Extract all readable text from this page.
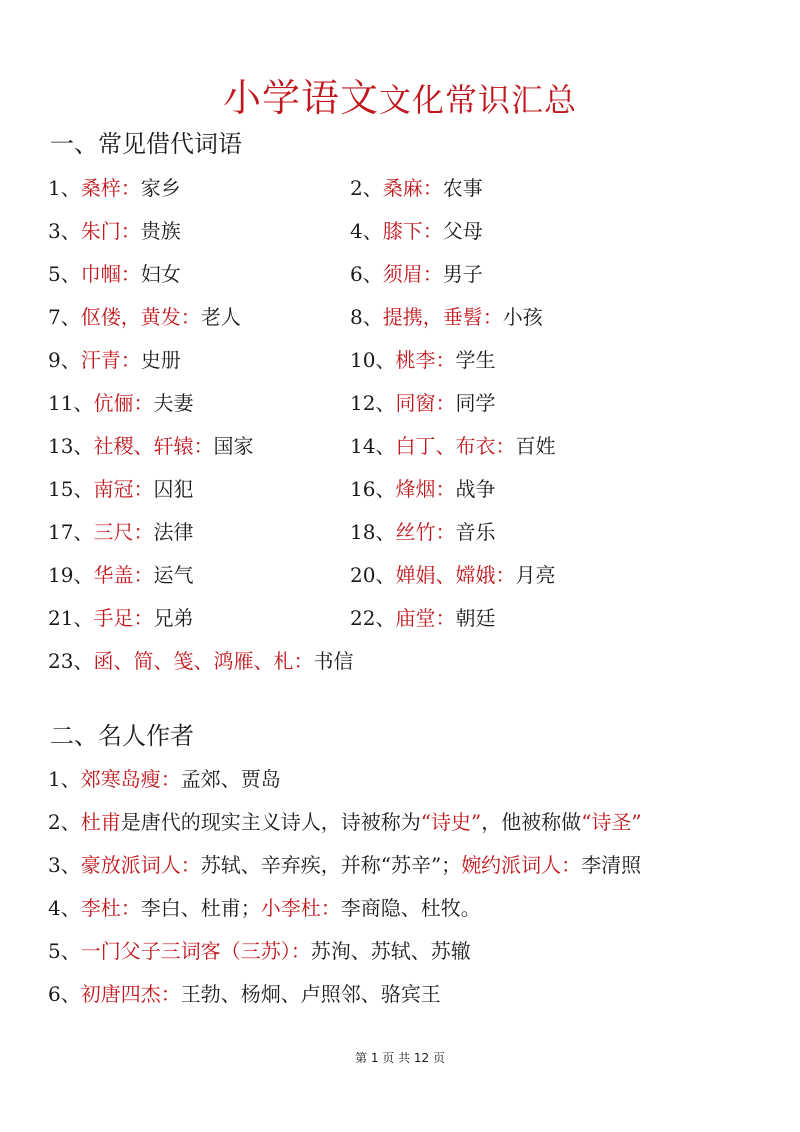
小学语文文化常识汇总
一、常见借代词语
1、桑梓：家乡	2、桑麻：农事
3、朱门：贵族	4、膝下：父母
5、巾帼：妇女	6、须眉：男子
7、伛偻，黄发：老人	8、提携，垂髫：小孩
9、汗青：史册	10、桃李：学生
11、伉俪：夫妻	12、同窗：同学
13、社稷、轩辕：国家	14、白丁、布衣：百姓
15、南冠：囚犯	16、烽烟：战争
17、三尺：法律	18、丝竹：音乐
19、华盖：运气	20、婵娟、嫦娥：月亮
21、手足：兄弟	22、庙堂：朝廷
23、函、简、笺、鸿雁、札：书信
二、名人作者
1、郊寒岛瘦：孟郊、贾岛
2、杜甫是唐代的现实主义诗人，诗被称为“诗史”，他被称做“诗圣”
3、豪放派词人：苏轼、辛弃疾，并称“苏辛”；婉约派词人：李清照
4、李杜：李白、杜甫；小李杜：李商隐、杜牧。
5、一门父子三词客（三苏）：苏洵、苏轼、苏辙
6、初唐四杰：王勃、杨炯、卢照邻、骆宾王
第 1 页 共 12 页
